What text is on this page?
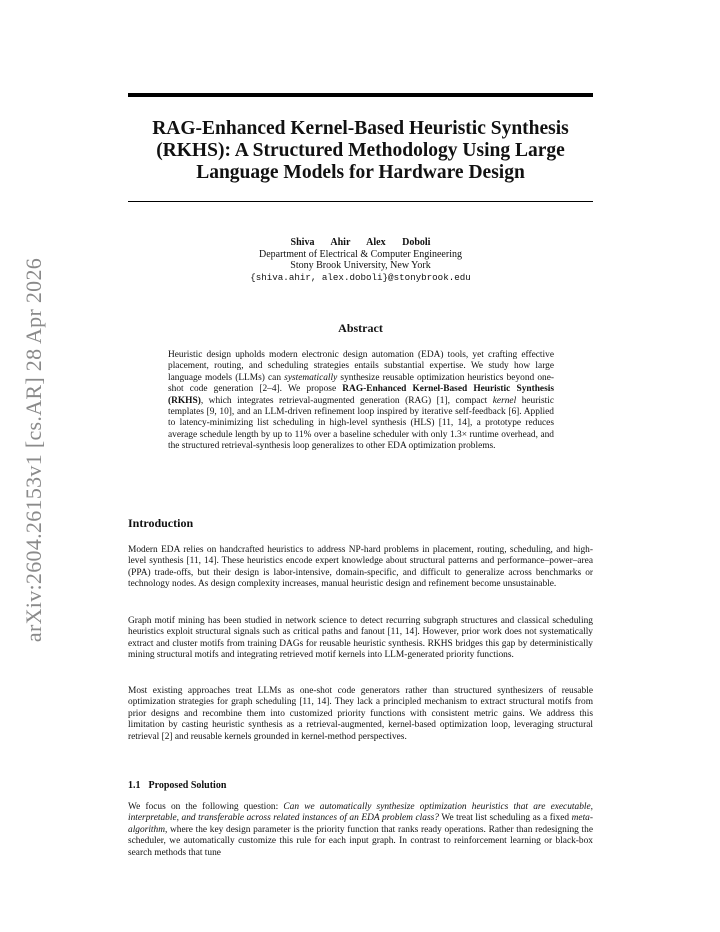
arXiv:2604.26153v1 [cs.AR] 28 Apr 2026
RAG-Enhanced Kernel-Based Heuristic Synthesis
(RKHS): A Structured Methodology Using Large
Language Models for Hardware Design
Shiva Ahir Alex Doboli
Department of Electrical & Computer Engineering
Stony Brook University, New York
{shiva.ahir, alex.doboli}@stonybrook.edu
Abstract
Heuristic design upholds modern electronic design automation (EDA) tools, yet crafting effective placement, routing, and scheduling strategies entails substantial expertise. We study how large language models (LLMs) can systematically synthesize reusable optimization heuristics beyond one-shot code generation [2–4]. We propose RAG-Enhanced Kernel-Based Heuristic Synthesis (RKHS), which integrates retrieval-augmented generation (RAG) [1], compact kernel heuristic templates [9, 10], and an LLM-driven refinement loop inspired by iterative self-feedback [6]. Applied to latency-minimizing list scheduling in high-level synthesis (HLS) [11, 14], a prototype reduces average schedule length by up to 11% over a baseline scheduler with only 1.3× runtime overhead, and the structured retrieval-synthesis loop generalizes to other EDA optimization problems.
Introduction

Modern EDA relies on handcrafted heuristics to address NP-hard problems in placement, routing, scheduling, and high-level synthesis [11, 14]. These heuristics encode expert knowledge about structural patterns and performance–power–area (PPA) trade-offs, but their design is labor-intensive, domain-specific, and difficult to generalize across benchmarks or technology nodes. As design complexity increases, manual heuristic design and refinement become unsustainable.

Graph motif mining has been studied in network science to detect recurring subgraph structures and classical scheduling heuristics exploit structural signals such as critical paths and fanout [11, 14]. However, prior work does not systematically extract and cluster motifs from training DAGs for reusable heuristic synthesis. RKHS bridges this gap by deterministically mining structural motifs and integrating retrieved motif kernels into LLM-generated priority functions.

Most existing approaches treat LLMs as one-shot code generators rather than structured synthesizers of reusable optimization strategies for graph scheduling [11, 14]. They lack a principled mechanism to extract structural motifs from prior designs and recombine them into customized priority functions with consistent metric gains. We address this limitation by casting heuristic synthesis as a retrieval-augmented, kernel-based optimization loop, leveraging structural retrieval [2] and reusable kernels grounded in kernel-method perspectives.

1.1 Proposed Solution

We focus on the following question: Can we automatically synthesize optimization heuristics that are executable, interpretable, and transferable across related instances of an EDA problem class? We treat list scheduling as a fixed meta-algorithm, where the key design parameter is the priority function that ranks ready operations. Rather than redesigning the scheduler, we automatically customize this rule for each input graph. In contrast to reinforcement learning or black-box search methods that tune
